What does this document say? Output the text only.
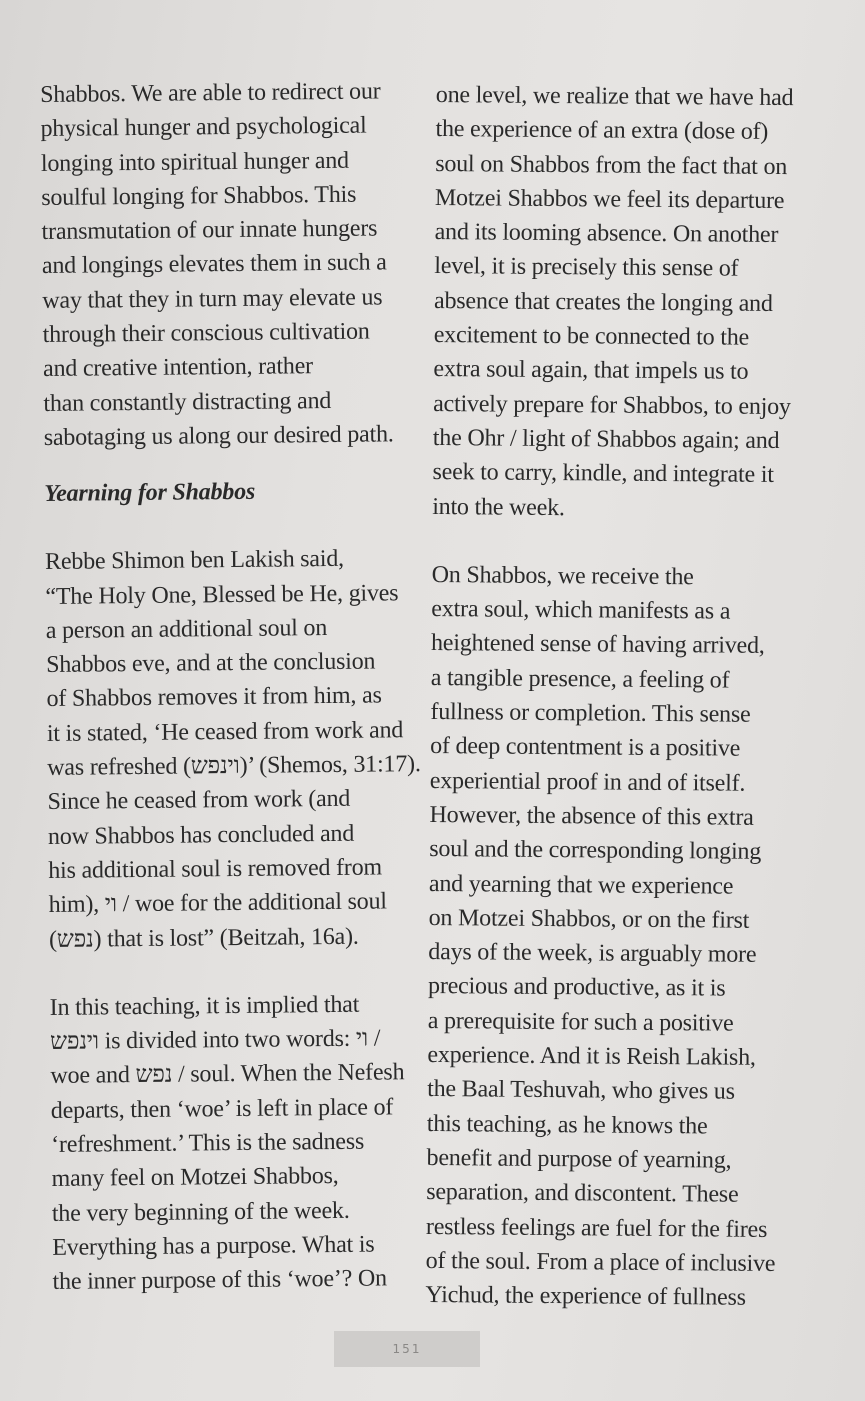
Shabbos. We are able to redirect our
physical hunger and psychological
longing into spiritual hunger and
soulful longing for Shabbos. This
transmutation of our innate hungers
and longings elevates them in such a
way that they in turn may elevate us
through their conscious cultivation
and creative intention, rather
than constantly distracting and
sabotaging us along our desired path.
Yearning for Shabbos
Rebbe Shimon ben Lakish said,
“The Holy One, Blessed be He, gives
a person an additional soul on
Shabbos eve, and at the conclusion
of Shabbos removes it from him, as
it is stated, ‘He ceased from work and
was refreshed (וינפש)’ (Shemos, 31:17).
Since he ceased from work (and
now Shabbos has concluded and
his additional soul is removed from
him), וי / woe for the additional soul
(נפש) that is lost” (Beitzah, 16a).
In this teaching, it is implied that
וינפש is divided into two words: וי /
woe and נפש / soul. When the Nefesh
departs, then ‘woe’ is left in place of
‘refreshment.’ This is the sadness
many feel on Motzei Shabbos,
the very beginning of the week.
Everything has a purpose. What is
the inner purpose of this ‘woe’? On
one level, we realize that we have had
the experience of an extra (dose of)
soul on Shabbos from the fact that on
Motzei Shabbos we feel its departure
and its looming absence. On another
level, it is precisely this sense of
absence that creates the longing and
excitement to be connected to the
extra soul again, that impels us to
actively prepare for Shabbos, to enjoy
the Ohr / light of Shabbos again; and
seek to carry, kindle, and integrate it
into the week.
On Shabbos, we receive the
extra soul, which manifests as a
heightened sense of having arrived,
a tangible presence, a feeling of
fullness or completion. This sense
of deep contentment is a positive
experiential proof in and of itself.
However, the absence of this extra
soul and the corresponding longing
and yearning that we experience
on Motzei Shabbos, or on the first
days of the week, is arguably more
precious and productive, as it is
a prerequisite for such a positive
experience. And it is Reish Lakish,
the Baal Teshuvah, who gives us
this teaching, as he knows the
benefit and purpose of yearning,
separation, and discontent. These
restless feelings are fuel for the fires
of the soul. From a place of inclusive
Yichud, the experience of fullness
151
